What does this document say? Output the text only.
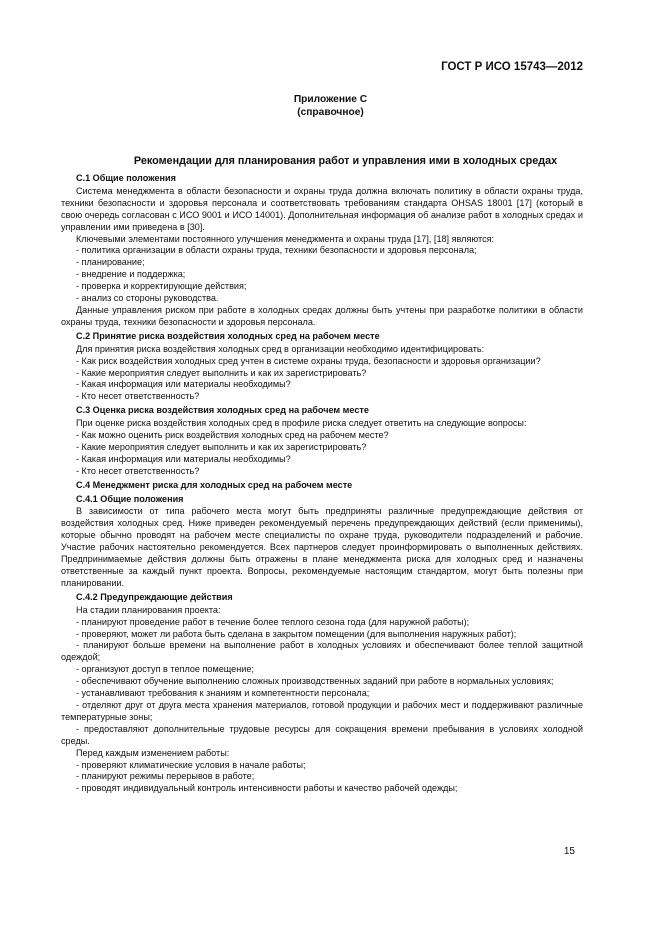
ГОСТ Р ИСО 15743—2012
Приложение С
(справочное)
Рекомендации для планирования работ и управления ими в холодных средах

С.1 Общие положения

Система менеджмента в области безопасности и охраны труда должна включать политику в области охраны труда, техники безопасности и здоровья персонала и соответствовать требованиям стандарта OHSAS 18001 [17] (который в свою очередь согласован с ИСО 9001 и ИСО 14001). Дополнительная информация об анализе работ в холодных средах и управлении ими приведена в [30].

Ключевыми элементами постоянного улучшения менеджмента и охраны труда [17], [18] являются:

- политика организации в области охраны труда, техники безопасности и здоровья персонала;

- планирование;

- внедрение и поддержка;

- проверка и корректирующие действия;

- анализ со стороны руководства.

Данные управления риском при работе в холодных средах должны быть учтены при разработке политики в области охраны труда, техники безопасности и здоровья персонала.

С.2 Принятие риска воздействия холодных сред на рабочем месте

Для принятия риска воздействия холодных сред в организации необходимо идентифицировать:

- Как риск воздействия холодных сред учтен в системе охраны труда, безопасности и здоровья организации?

- Какие мероприятия следует выполнить и как их зарегистрировать?

- Какая информация или материалы необходимы?

- Кто несет ответственность?

С.3 Оценка риска воздействия холодных сред на рабочем месте

При оценке риска воздействия холодных сред в профиле риска следует ответить на следующие вопросы:

- Как можно оценить риск воздействия холодных сред на рабочем месте?

- Какие мероприятия следует выполнить и как их зарегистрировать?

- Какая информация или материалы необходимы?

- Кто несет ответственность?

С.4 Менеджмент риска для холодных сред на рабочем месте

С.4.1 Общие положения

В зависимости от типа рабочего места могут быть предприняты различные предупреждающие действия от воздействия холодных сред. Ниже приведен рекомендуемый перечень предупреждающих действий (если применимы), которые обычно проводят на рабочем месте специалисты по охране труда, руководители подразделений и рабочие. Участие рабочих настоятельно рекомендуется. Всех партнеров следует проинформировать о выполненных действиях. Предпринимаемые действия должны быть отражены в плане менеджмента риска для холодных сред и назначены ответственные за каждый пункт проекта. Вопросы, рекомендуемые настоящим стандартом, могут быть полезны при планировании.

С.4.2 Предупреждающие действия

На стадии планирования проекта:

- планируют проведение работ в течение более теплого сезона года (для наружной работы);

- проверяют, может ли работа быть сделана в закрытом помещении (для выполнения наружных работ);

- планируют больше времени на выполнение работ в холодных условиях и обеспечивают более теплой защитной одеждой;

- организуют доступ в теплое помещение;

- обеспечивают обучение выполнению сложных производственных заданий при работе в нормальных условиях;

- устанавливают требования к знаниям и компетентности персонала;

- отделяют друг от друга места хранения материалов, готовой продукции и рабочих мест и поддерживают различные температурные зоны;

- предоставляют дополнительные трудовые ресурсы для сокращения времени пребывания в условиях холодной среды.

Перед каждым изменением работы:

- проверяют климатические условия в начале работы;

- планируют режимы перерывов в работе;

- проводят индивидуальный контроль интенсивности работы и качество рабочей одежды;

15
